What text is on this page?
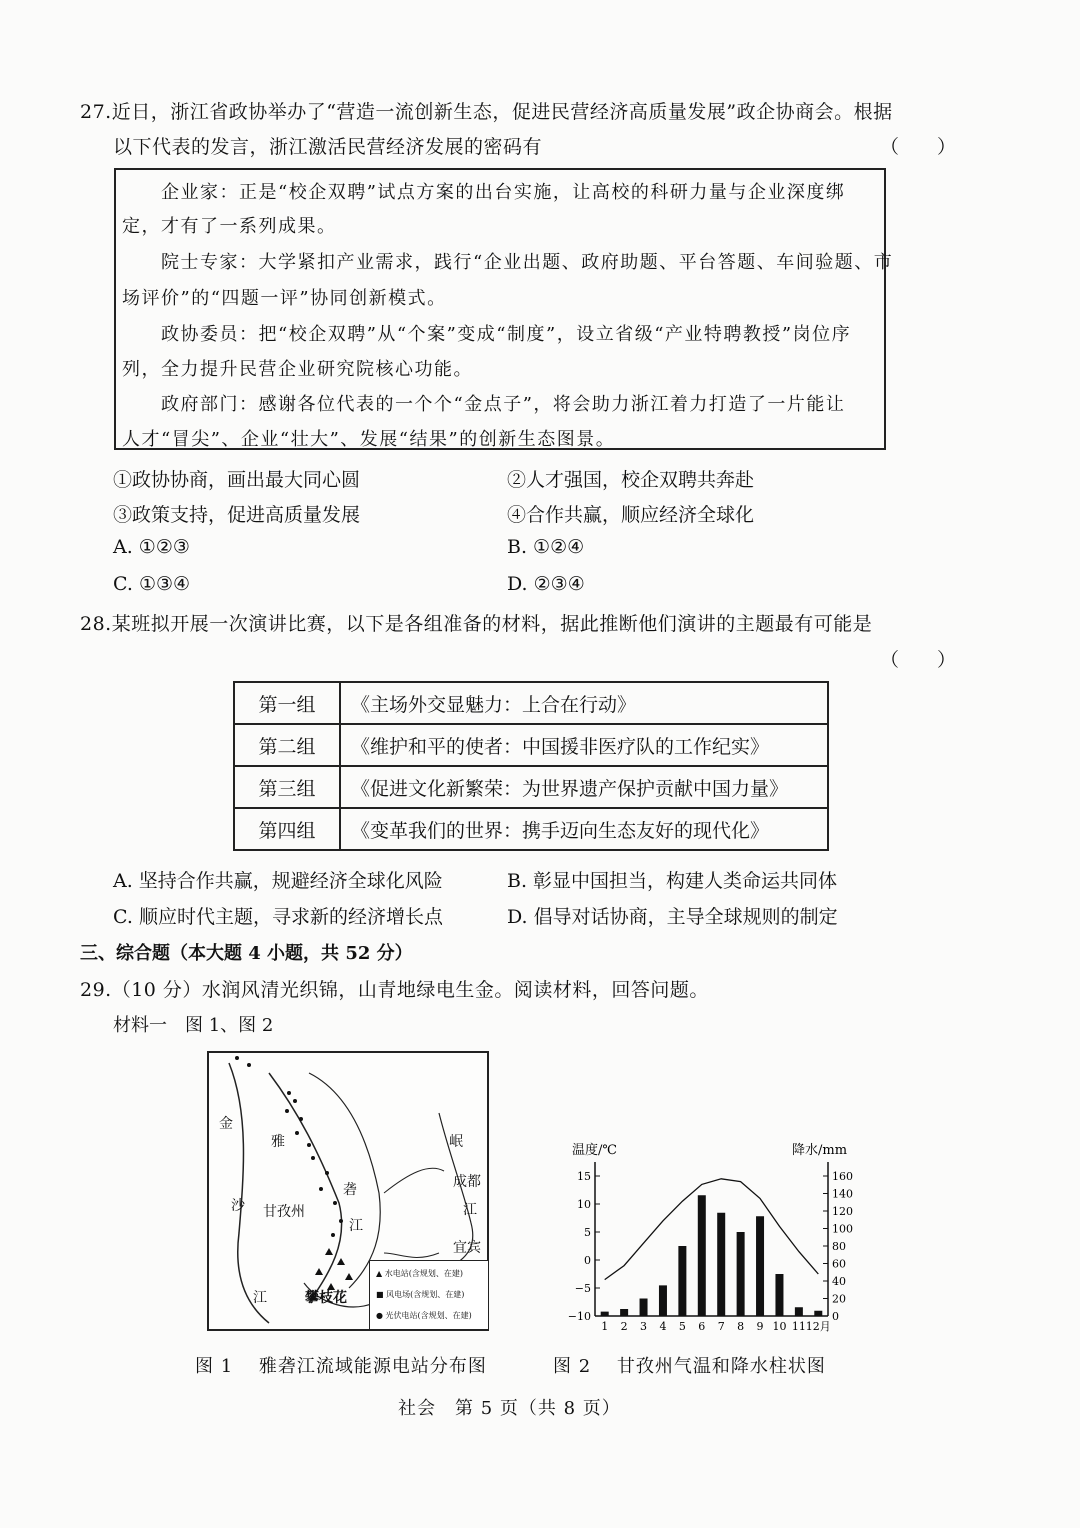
27.近日，浙江省政协举办了“营造一流创新生态，促进民营经济高质量发展”政企协商会。根据
以下代表的发言，浙江激活民营经济发展的密码有	（　　）
　　企业家：正是“校企双聘”试点方案的出台实施，让高校的科研力量与企业深度绑
定，才有了一系列成果。
　　院士专家：大学紧扣产业需求，践行“企业出题、政府助题、平台答题、车间验题、市
场评价”的“四题一评”协同创新模式。
　　政协委员：把“校企双聘”从“个案”变成“制度”，设立省级“产业特聘教授”岗位序
列，全力提升民营企业研究院核心功能。
　　政府部门：感谢各位代表的一个个“金点子”，将会助力浙江着力打造了一片能让
人才“冒尖”、企业“壮大”、发展“结果”的创新生态图景。
①政协协商，画出最大同心圆	②人才强国，校企双聘共奔赴
③政策支持，促进高质量发展	④合作共赢，顺应经济全球化
A. ①②③	B. ①②④
C. ①③④	D. ②③④
28.某班拟开展一次演讲比赛，以下是各组准备的材料，据此推断他们演讲的主题最有可能是
（　　）
第一组	《主场外交显魅力：上合在行动》
第二组	《维护和平的使者：中国援非医疗队的工作纪实》
第三组	《促进文化新繁荣：为世界遗产保护贡献中国力量》
第四组	《变革我们的世界：携手迈向生态友好的现代化》
A. 坚持合作共赢，规避经济全球化风险	B. 彰显中国担当，构建人类命运共同体
C. 顺应时代主题，寻求新的经济增长点	D. 倡导对话协商，主导全球规则的制定
三、综合题（本大题 4 小题，共 52 分）
29.（10 分）水润风清光织锦，山青地绿电生金。阅读材料，回答问题。
材料一　图 1、图 2
金
雅
沙 甘孜州
砻
江
岷
成都
江
宜宾
江	攀枝花
▲ 水电站(含规划、在建)
■ 风电场(含规划、在建)
● 光伏电站(含规划、在建)
温度/℃	降水/mm
15
10
5
0
−5
−10
160
140
120
100
80
60
40
20
0
1 2 3 4 5 6 7 8 9 10 11 12月
图 1　 雅砻江流域能源电站分布图	图 2　 甘孜州气温和降水柱状图
社会　第 5 页（共 8 页）
